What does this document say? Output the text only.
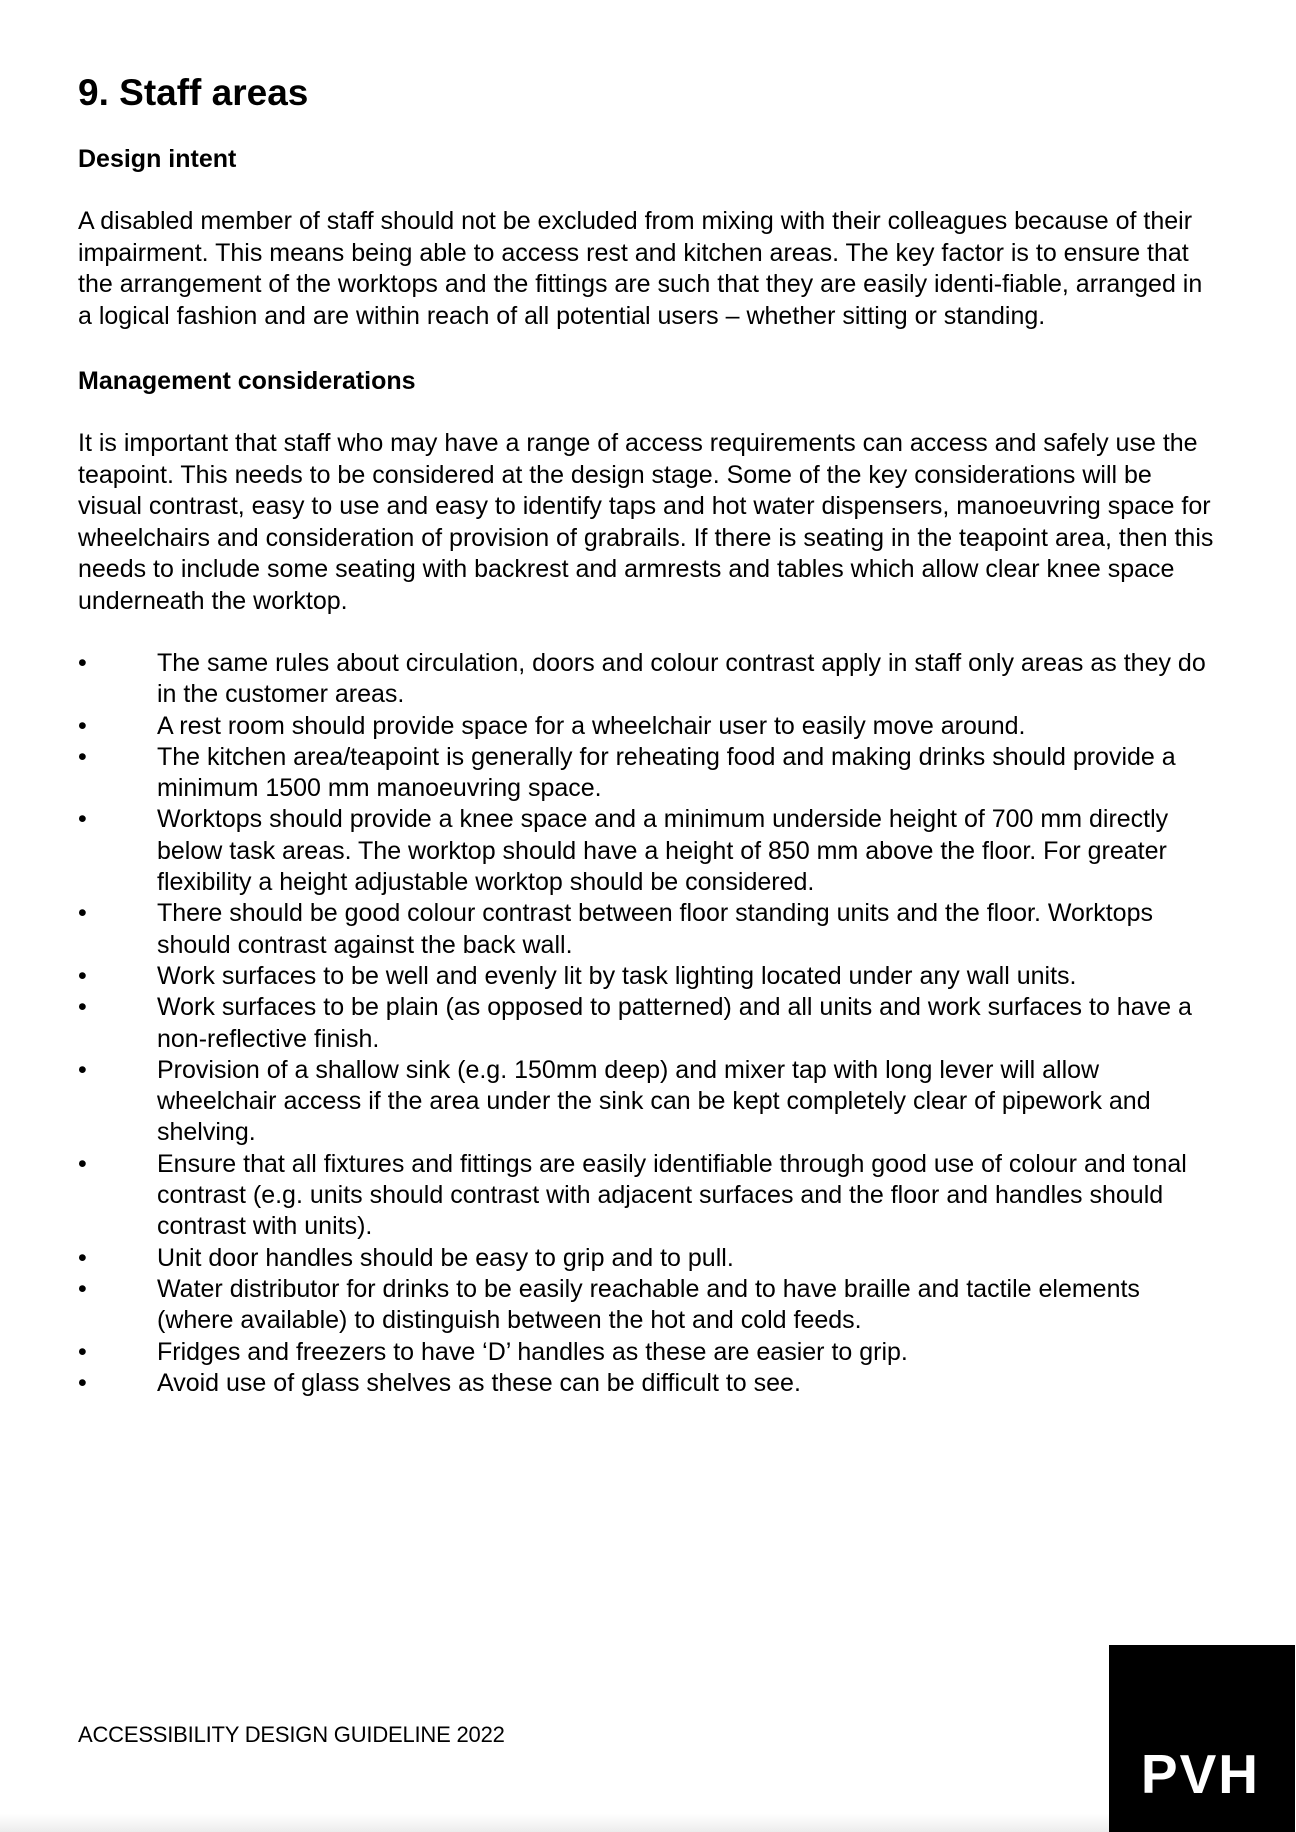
9. Staff areas
Design intent

A disabled member of staff should not be excluded from mixing with their colleagues because of their impairment. This means being able to access rest and kitchen areas. The key factor is to ensure that the arrangement of the worktops and the fittings are such that they are easily identi-fiable, arranged in a logical fashion and are within reach of all potential users – whether sitting or standing.

Management considerations

It is important that staff who may have a range of access requirements can access and safely use the teapoint. This needs to be considered at the design stage. Some of the key considerations will be visual contrast, easy to use and easy to identify taps and hot water dispensers, manoeuvring space for wheelchairs and consideration of provision of grabrails. If there is seating in the teapoint area, then this needs to include some seating with backrest and armrests and tables which allow clear knee space underneath the worktop.

•	The same rules about circulation, doors and colour contrast apply in staff only areas as they do in the customer areas.
•	A rest room should provide space for a wheelchair user to easily move around.
•	The kitchen area/teapoint is generally for reheating food and making drinks should provide a minimum 1500 mm manoeuvring space.
•	Worktops should provide a knee space and a minimum underside height of 700 mm directly below task areas. The worktop should have a height of 850 mm above the floor. For greater flexibility a height adjustable worktop should be considered.
•	There should be good colour contrast between floor standing units and the floor. Worktops should contrast against the back wall.
•	Work surfaces to be well and evenly lit by task lighting located under any wall units.
•	Work surfaces to be plain (as opposed to patterned) and all units and work surfaces to have a non-reflective finish.
•	Provision of a shallow sink (e.g. 150mm deep) and mixer tap with long lever will allow wheelchair access if the area under the sink can be kept completely clear of pipework and shelving.
•	Ensure that all fixtures and fittings are easily identifiable through good use of colour and tonal contrast (e.g. units should contrast with adjacent surfaces and the floor and handles should contrast with units).
•	Unit door handles should be easy to grip and to pull.
•	Water distributor for drinks to be easily reachable and to have braille and tactile elements (where available) to distinguish between the hot and cold feeds.
•	Fridges and freezers to have ‘D’ handles as these are easier to grip.
•	Avoid use of glass shelves as these can be difficult to see.
ACCESSIBILITY DESIGN GUIDELINE 2022
PVH
